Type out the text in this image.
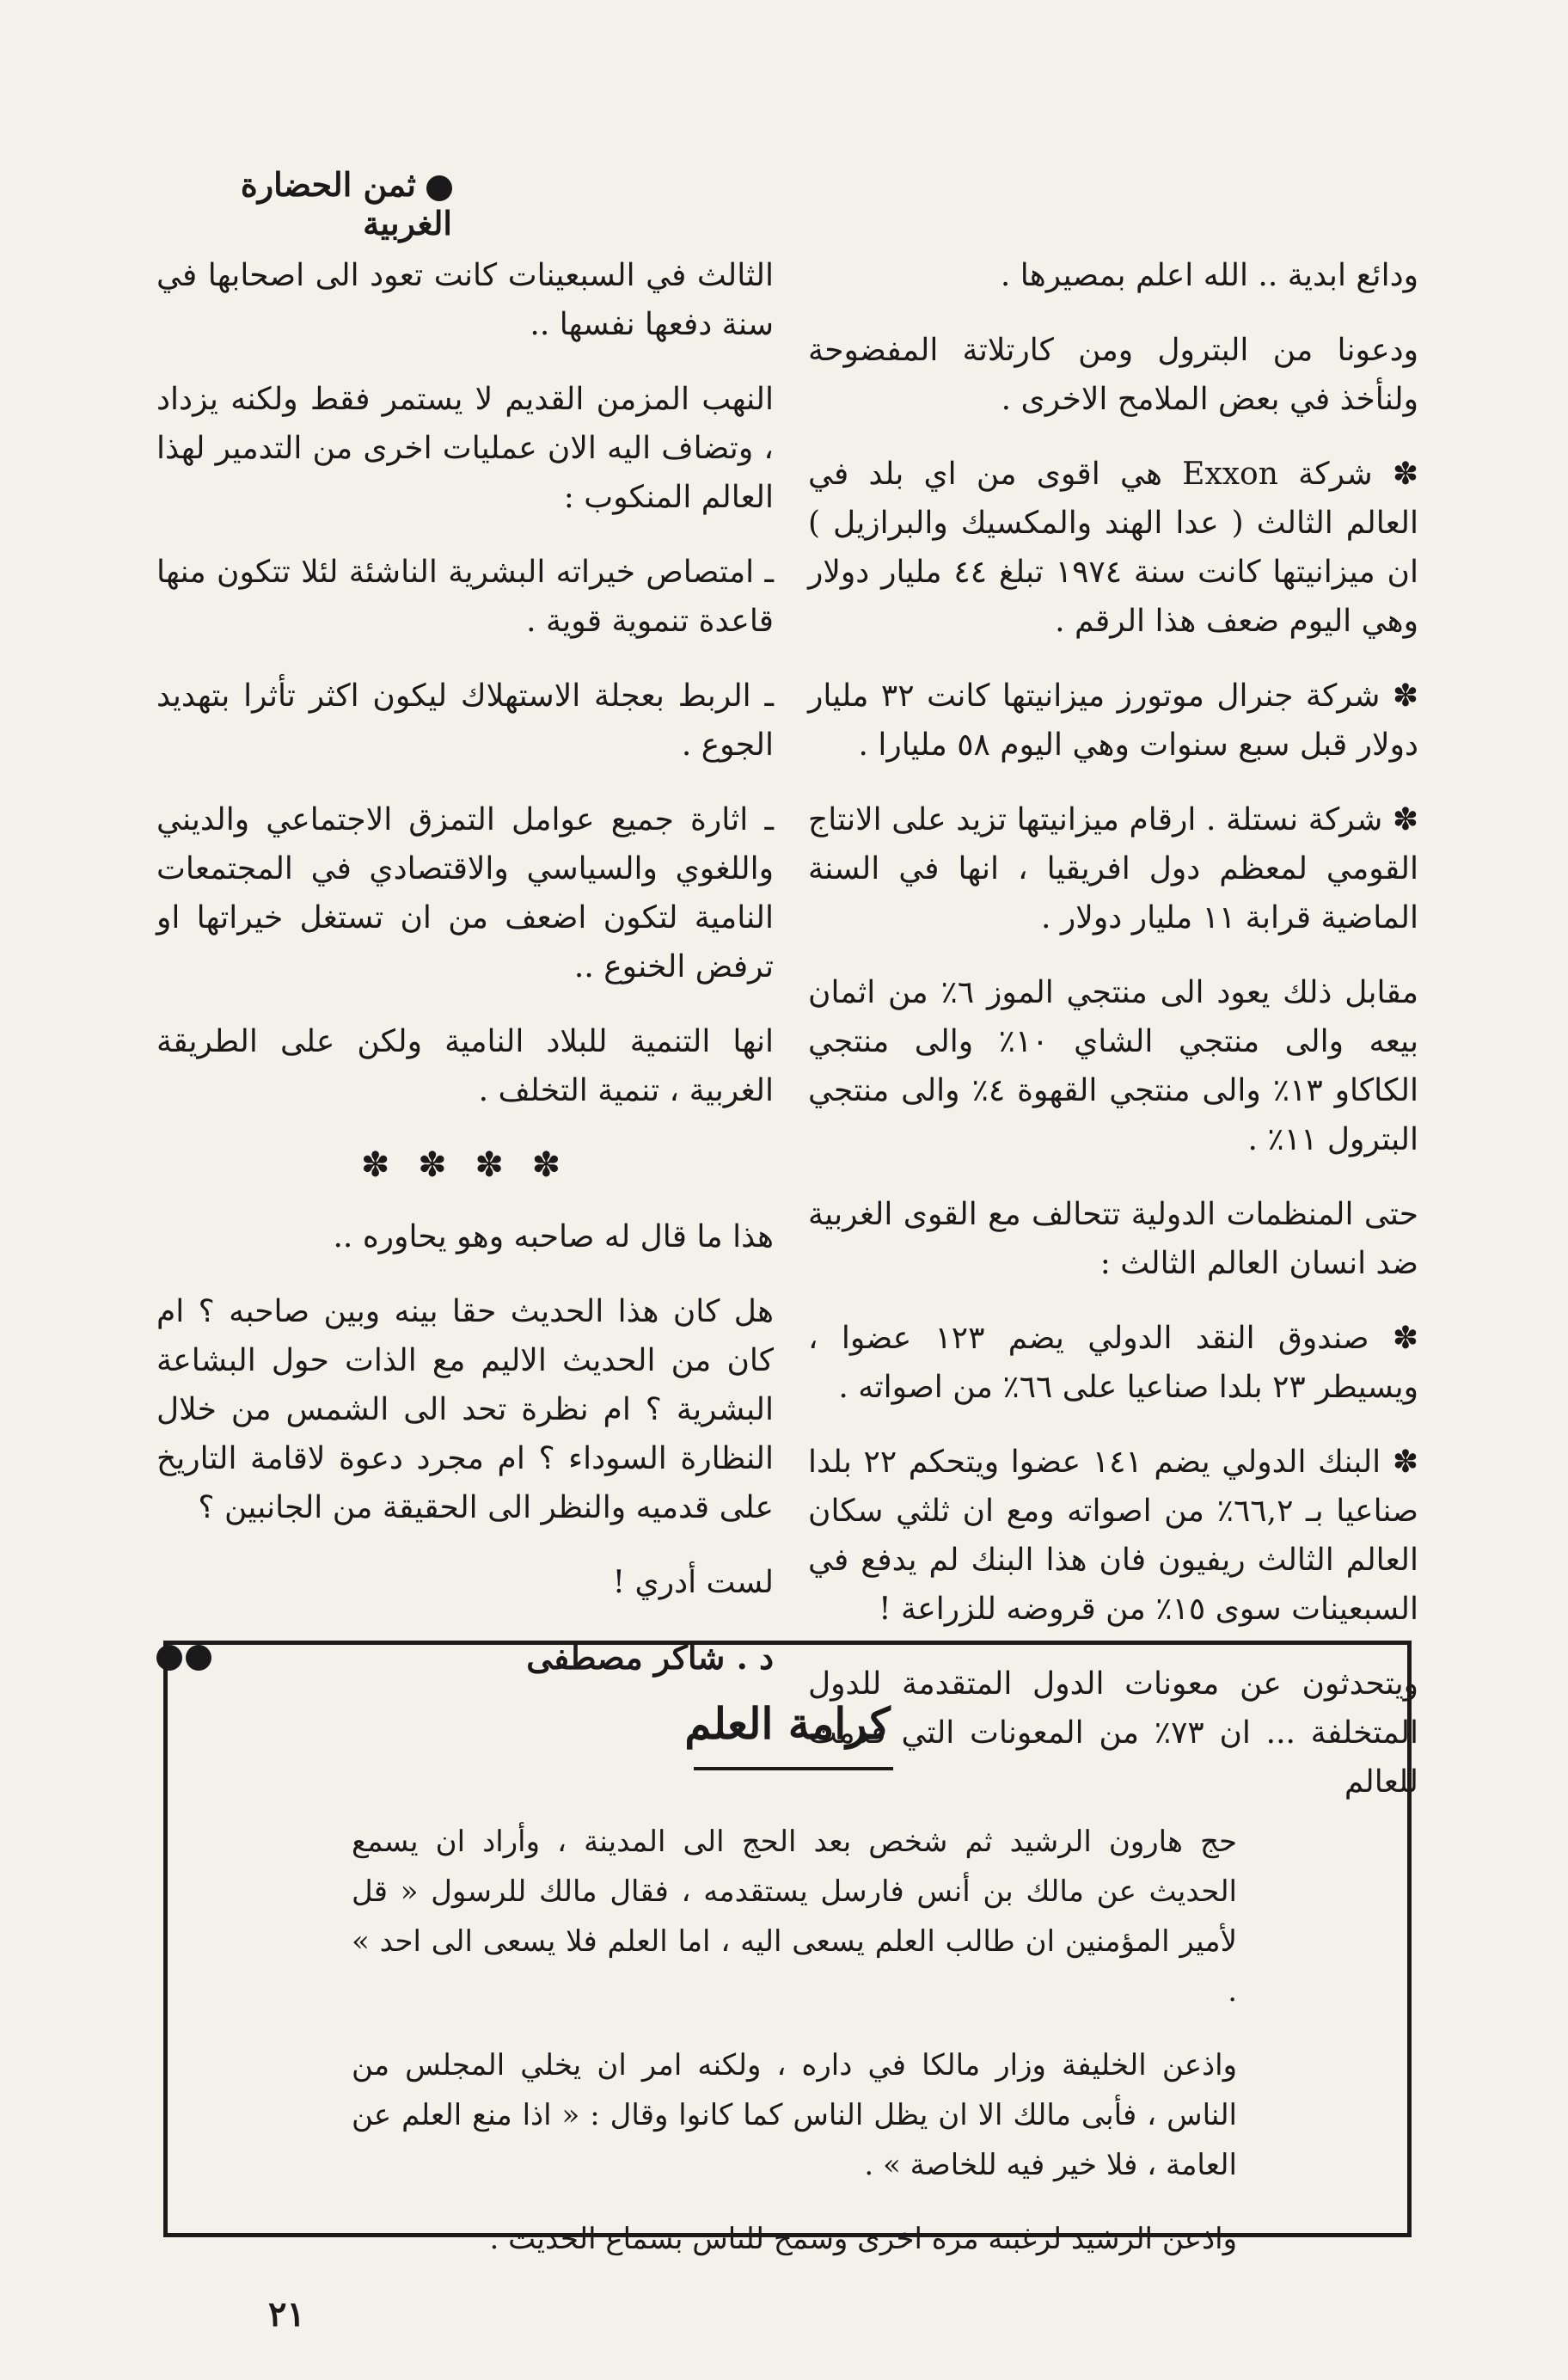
ثمن الحضارة الغربية

ودائع ابدية .. الله اعلم بمصيرها .

ودعونا من البترول ومن كارتلاتة المفضوحة ولنأخذ في بعض الملامح الاخرى .

✽ شركة Exxon هي اقوى من اي بلد في العالم الثالث ( عدا الهند والمكسيك والبرازيل ) ان ميزانيتها كانت سنة ١٩٧٤ تبلغ ٤٤ مليار دولار وهي اليوم ضعف هذا الرقم .

✽ شركة جنرال موتورز ميزانيتها كانت ٣٢ مليار دولار قبل سبع سنوات وهي اليوم ٥٨ مليارا .

✽ شركة نستلة . ارقام ميزانيتها تزيد على الانتاج القومي لمعظم دول افريقيا ، انها في السنة الماضية قرابة ١١ مليار دولار .

مقابل ذلك يعود الى منتجي الموز ٦٪ من اثمان بيعه والى منتجي الشاي ١٠٪ والى منتجي الكاكاو ١٣٪ والى منتجي القهوة ٤٪ والى منتجي البترول ١١٪ .

حتى المنظمات الدولية تتحالف مع القوى الغربية ضد انسان العالم الثالث :

✽ صندوق النقد الدولي يضم ١٢٣ عضوا ، ويسيطر ٢٣ بلدا صناعيا على ٦٦٪ من اصواته .

✽ البنك الدولي يضم ١٤١ عضوا ويتحكم ٢٢ بلدا صناعيا بـ ٦٦,٢٪ من اصواته ومع ان ثلثي سكان العالم الثالث ريفيون فان هذا البنك لم يدفع في السبعينات سوى ١٥٪ من قروضه للزراعة !

ويتحدثون عن معونات الدول المتقدمة للدول المتخلفة ... ان ٧٣٪ من المعونات التي قدمت للعالم

الثالث في السبعينات كانت تعود الى اصحابها في سنة دفعها نفسها ..

النهب المزمن القديم لا يستمر فقط ولكنه يزداد ، وتضاف اليه الان عمليات اخرى من التدمير لهذا العالم المنكوب :

ـ امتصاص خيراته البشرية الناشئة لئلا تتكون منها قاعدة تنموية قوية .

ـ الربط بعجلة الاستهلاك ليكون اكثر تأثرا بتهديد الجوع .

ـ اثارة جميع عوامل التمزق الاجتماعي والديني واللغوي والسياسي والاقتصادي في المجتمعات النامية لتكون اضعف من ان تستغل خيراتها او ترفض الخنوع ..

انها التنمية للبلاد النامية ولكن على الطريقة الغربية ، تنمية التخلف .

✽ ✽ ✽ ✽

هذا ما قال له صاحبه وهو يحاوره ..

هل كان هذا الحديث حقا بينه وبين صاحبه ؟ ام كان من الحديث الاليم مع الذات حول البشاعة البشرية ؟ ام نظرة تحد الى الشمس من خلال النظارة السوداء ؟ ام مجرد دعوة لاقامة التاريخ على قدميه والنظر الى الحقيقة من الجانبين ؟

لست أدري !

د . شاكر مصطفى
كرامة العلم

حج هارون الرشيد ثم شخص بعد الحج الى المدينة ، وأراد ان يسمع الحديث عن مالك بن أنس فارسل يستقدمه ، فقال مالك للرسول « قل لأمير المؤمنين ان طالب العلم يسعى اليه ، اما العلم فلا يسعى الى احد » .

واذعن الخليفة وزار مالكا في داره ، ولكنه امر ان يخلي المجلس من الناس ، فأبى مالك الا ان يظل الناس كما كانوا وقال : « اذا منع العلم عن العامة ، فلا خير فيه للخاصة » .

واذعن الرشيد لرغبته مرة اخرى وسمح للناس بسماع الحديث .

٢١
